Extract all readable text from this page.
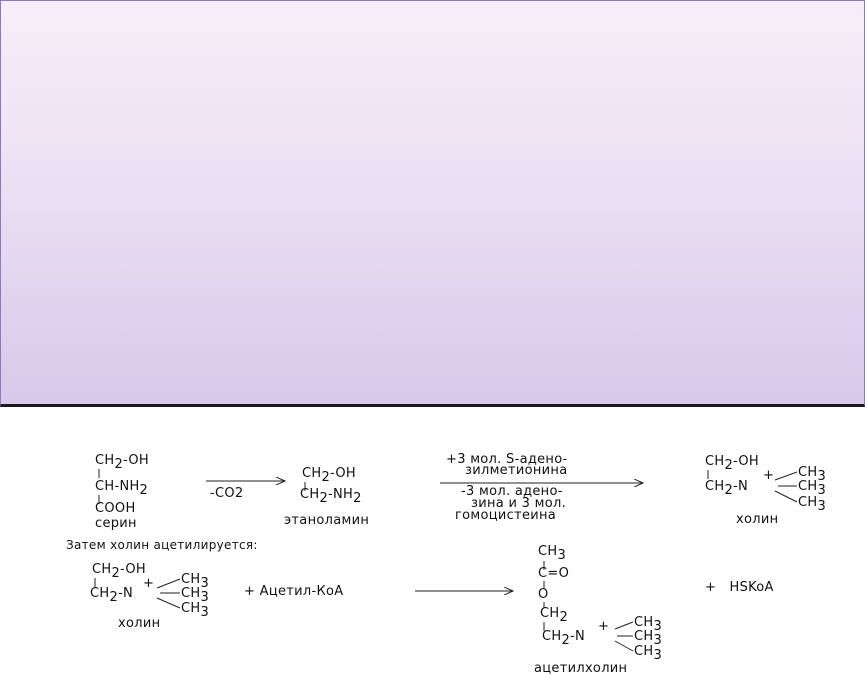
CH2-OH
CH-NH2
COOH
серин
-CO2
CH2-OH
CH2-NH2
этаноламин
+3 мол. S-адено-
зилметионина
-3 мол. адено-
зина и 3 мол.
гомоцистеина
CH2-OH
CH2-N
+ CH3
CH3
CH3
холин
Затем холин ацетилируется:
CH2-OH
CH2-N
+ CH3
CH3
CH3
холин
+ Ацетил-КоА
CH3
C=O
O
CH2
CH2-N
+ CH3
CH3
CH3
ацетилхолин
+   HSKoA
